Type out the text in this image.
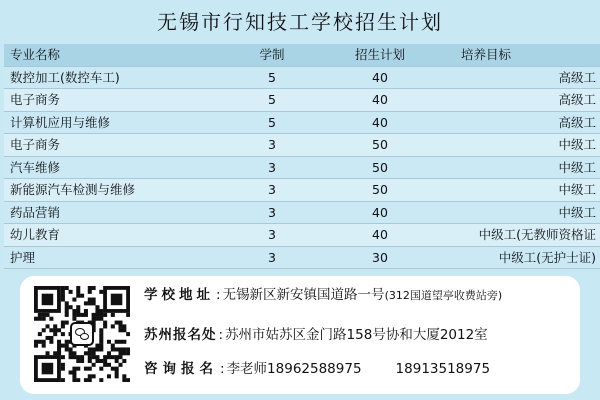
无锡市行知技工学校招生计划
专业名称	学制	招生计划	培养目标
数控加工(数控车工)	5	40	高级工
电子商务	5	40	高级工
计算机应用与维修	5	40	高级工
电子商务	3	50	中级工
汽车维修	3	50	中级工
新能源汽车检测与维修	3	50	中级工
药品营销	3	40	中级工
幼儿教育	3	40	中级工(无教师资格证
护理	3	30	中级工(无护士证)
学校地址 : 无锡新区新安镇国道路一号(312国道望亭收费站旁)
苏州报名处 : 苏州市姑苏区金门路158号协和大厦2012室
咨询报名 : 李老师18962588975	18913518975
